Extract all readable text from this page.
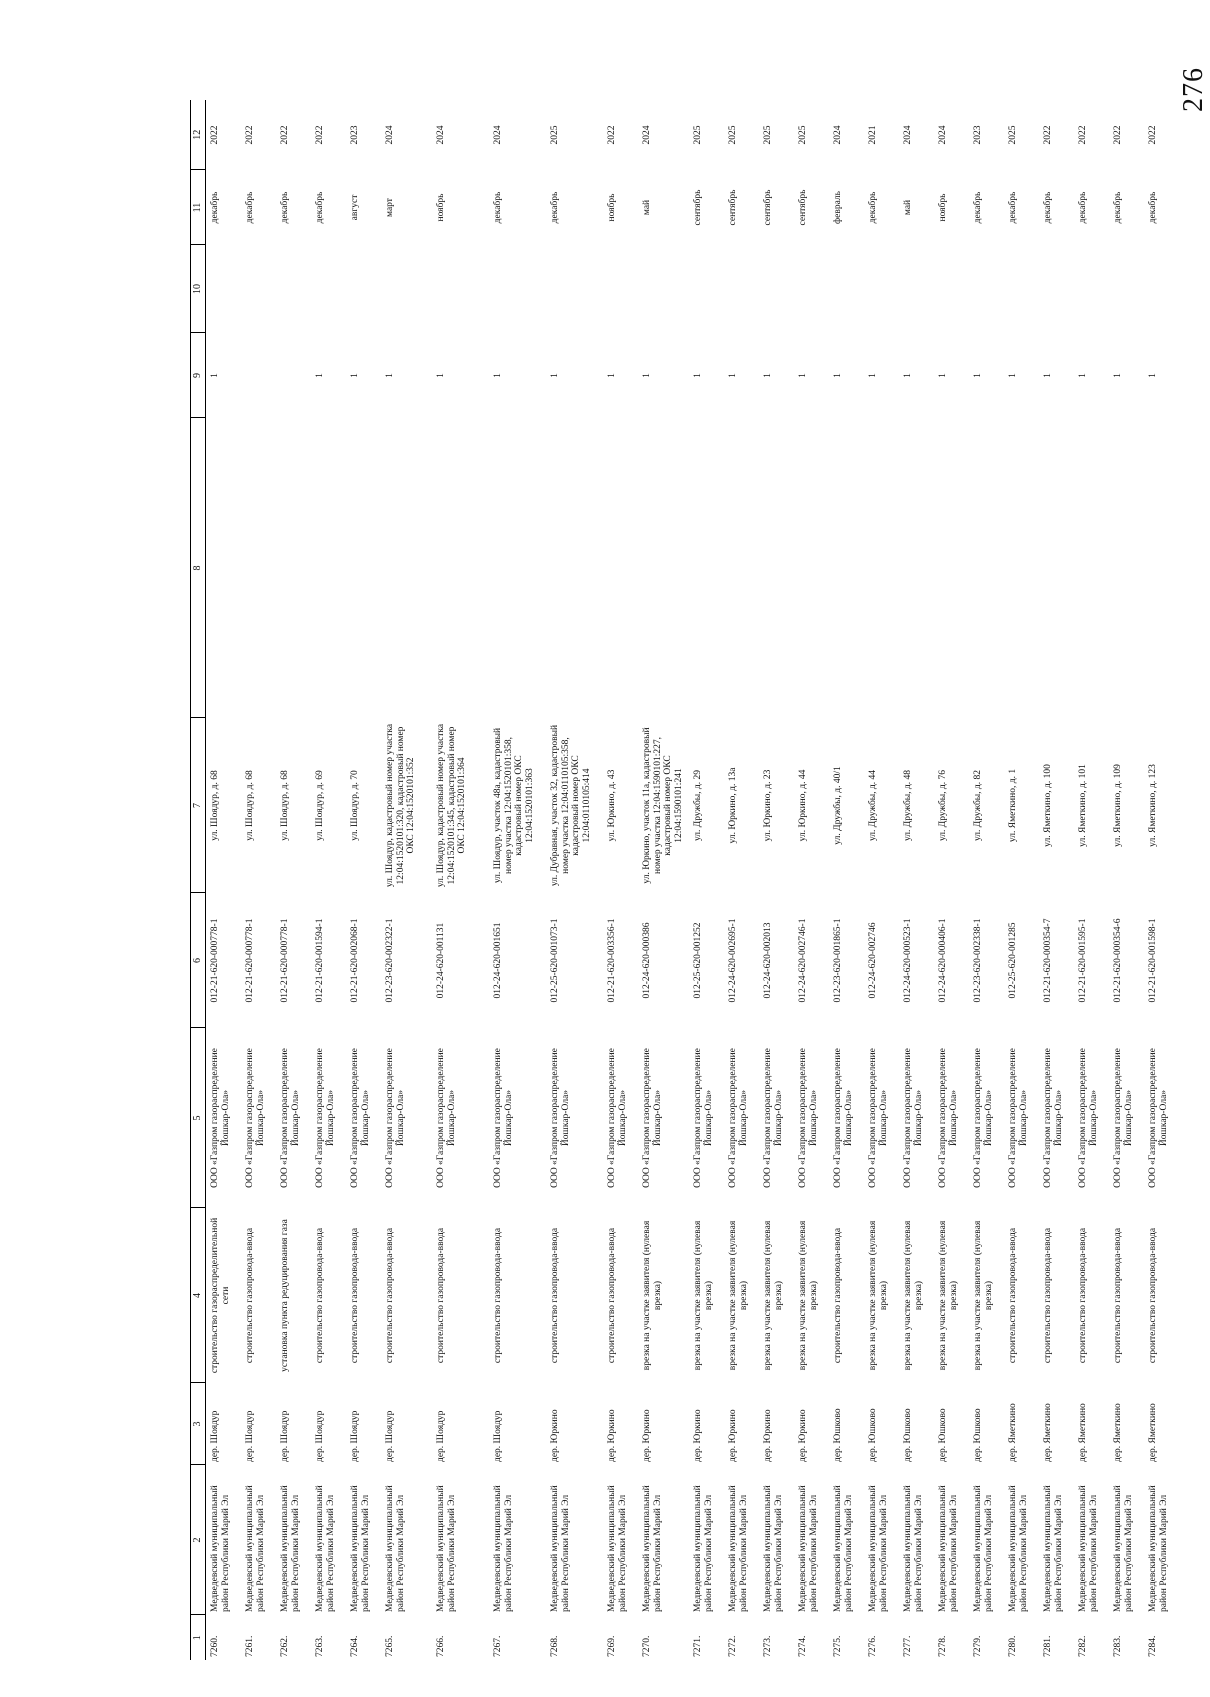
276
1	2	3	4	5	6	7	8	9	10	11	12
7260.	Медведевский муниципальный район Республики Марий Эл	дер. Шоядур	строительство газораспределительной сети	ООО «Газпром газораспределение Йошкар-Ола»	012-21-620-000778-1	ул. Шоядур, д. 68		1		декабрь	2022
7261.	Медведевский муниципальный район Республики Марий Эл	дер. Шоядур	строительство газопровода-ввода	ООО «Газпром газораспределение Йошкар-Ола»	012-21-620-000778-1	ул. Шоядур, д. 68				декабрь	2022
7262.	Медведевский муниципальный район Республики Марий Эл	дер. Шоядур	установка пункта редуцирования газа	ООО «Газпром газораспределение Йошкар-Ола»	012-21-620-000778-1	ул. Шоядур, д. 68				декабрь	2022
7263.	Медведевский муниципальный район Республики Марий Эл	дер. Шоядур	строительство газопровода-ввода	ООО «Газпром газораспределение Йошкар-Ола»	012-21-620-001594-1	ул. Шоядур, д. 69		1		декабрь	2022
7264.	Медведевский муниципальный район Республики Марий Эл	дер. Шоядур	строительство газопровода-ввода	ООО «Газпром газораспределение Йошкар-Ола»	012-21-620-002068-1	ул. Шоядур, д. 70		1		август	2023
7265.	Медведевский муниципальный район Республики Марий Эл	дер. Шоядур	строительство газопровода-ввода	ООО «Газпром газораспределение Йошкар-Ола»	012-23-620-002322-1	ул. Шоядур, кадастровый номер участка 12:04:1520101:320, кадастровый номер ОКС 12:04:1520101:352		1		март	2024
7266.	Медведевский муниципальный район Республики Марий Эл	дер. Шоядур	строительство газопровода-ввода	ООО «Газпром газораспределение Йошкар-Ола»	012-24-620-001131	ул. Шоядур, кадастровый номер участка 12:04:1520101:345, кадастровый номер ОКС 12:04:1520101:364		1		ноябрь	2024
7267.	Медведевский муниципальный район Республики Марий Эл	дер. Шоядур	строительство газопровода-ввода	ООО «Газпром газораспределение Йошкар-Ола»	012-24-620-001651	ул. Шоядур, участок 48а, кадастровый номер участка 12:04:1520101:358, кадастровый номер ОКС 12:04:1520101:363		1		декабрь	2024
7268.	Медведевский муниципальный район Республики Марий Эл	дер. Юркино	строительство газопровода-ввода	ООО «Газпром газораспределение Йошкар-Ола»	012-25-620-001073-1	ул. Дубравная, участок 32, кадастровый номер участка 12:04:0110105:358, кадастровый номер ОКС 12:04:0110105:414		1		декабрь	2025
7269.	Медведевский муниципальный район Республики Марий Эл	дер. Юркино	строительство газопровода-ввода	ООО «Газпром газораспределение Йошкар-Ола»	012-21-620-003356-1	ул. Юркино, д. 43		1		ноябрь	2022
7270.	Медведевский муниципальный район Республики Марий Эл	дер. Юркино	врезка на участке заявителя (нулевая врезка)	ООО «Газпром газораспределение Йошкар-Ола»	012-24-620-000386	ул. Юркино, участок 11а, кадастровый номер участка 12:04:1590101:227, кадастровый номер ОКС 12:04:1590101:241		1		май	2024
7271.	Медведевский муниципальный район Республики Марий Эл	дер. Юркино	врезка на участке заявителя (нулевая врезка)	ООО «Газпром газораспределение Йошкар-Ола»	012-25-620-001252	ул. Дружбы, д. 29		1		сентябрь	2025
7272.	Медведевский муниципальный район Республики Марий Эл	дер. Юркино	врезка на участке заявителя (нулевая врезка)	ООО «Газпром газораспределение Йошкар-Ола»	012-24-620-002695-1	ул. Юркино, д. 13а		1		сентябрь	2025
7273.	Медведевский муниципальный район Республики Марий Эл	дер. Юркино	врезка на участке заявителя (нулевая врезка)	ООО «Газпром газораспределение Йошкар-Ола»	012-24-620-002013	ул. Юркино, д. 23		1		сентябрь	2025
7274.	Медведевский муниципальный район Республики Марий Эл	дер. Юркино	врезка на участке заявителя (нулевая врезка)	ООО «Газпром газораспределение Йошкар-Ола»	012-24-620-002746-1	ул. Юркино, д. 44		1		сентябрь	2025
7275.	Медведевский муниципальный район Республики Марий Эл	дер. Юшково	строительство газопровода-ввода	ООО «Газпром газораспределение Йошкар-Ола»	012-23-620-001865-1	ул. Дружбы, д. 40/1		1		февраль	2024
7276.	Медведевский муниципальный район Республики Марий Эл	дер. Юшково	врезка на участке заявителя (нулевая врезка)	ООО «Газпром газораспределение Йошкар-Ола»	012-24-620-002746	ул. Дружбы, д. 44		1		декабрь	2021
7277.	Медведевский муниципальный район Республики Марий Эл	дер. Юшково	врезка на участке заявителя (нулевая врезка)	ООО «Газпром газораспределение Йошкар-Ола»	012-24-620-000523-1	ул. Дружбы, д. 48		1		май	2024
7278.	Медведевский муниципальный район Республики Марий Эл	дер. Юшково	врезка на участке заявителя (нулевая врезка)	ООО «Газпром газораспределение Йошкар-Ола»	012-24-620-000406-1	ул. Дружбы, д. 76		1		ноябрь	2024
7279.	Медведевский муниципальный район Республики Марий Эл	дер. Юшково	врезка на участке заявителя (нулевая врезка)	ООО «Газпром газораспределение Йошкар-Ола»	012-23-620-002338-1	ул. Дружбы, д. 82		1		декабрь	2023
7280.	Медведевский муниципальный район Республики Марий Эл	дер. Яметкино	строительство газопровода-ввода	ООО «Газпром газораспределение Йошкар-Ола»	012-25-620-001285	ул. Яметкино, д. 1		1		декабрь	2025
7281.	Медведевский муниципальный район Республики Марий Эл	дер. Яметкино	строительство газопровода-ввода	ООО «Газпром газораспределение Йошкар-Ола»	012-21-620-000354-7	ул. Яметкино, д. 100		1		декабрь	2022
7282.	Медведевский муниципальный район Республики Марий Эл	дер. Яметкино	строительство газопровода-ввода	ООО «Газпром газораспределение Йошкар-Ола»	012-21-620-001595-1	ул. Яметкино, д. 101		1		декабрь	2022
7283.	Медведевский муниципальный район Республики Марий Эл	дер. Яметкино	строительство газопровода-ввода	ООО «Газпром газораспределение Йошкар-Ола»	012-21-620-000354-6	ул. Яметкино, д. 109		1		декабрь	2022
7284.	Медведевский муниципальный район Республики Марий Эл	дер. Яметкино	строительство газопровода-ввода	ООО «Газпром газораспределение Йошкар-Ола»	012-21-620-001598-1	ул. Яметкино, д. 123		1		декабрь	2022
